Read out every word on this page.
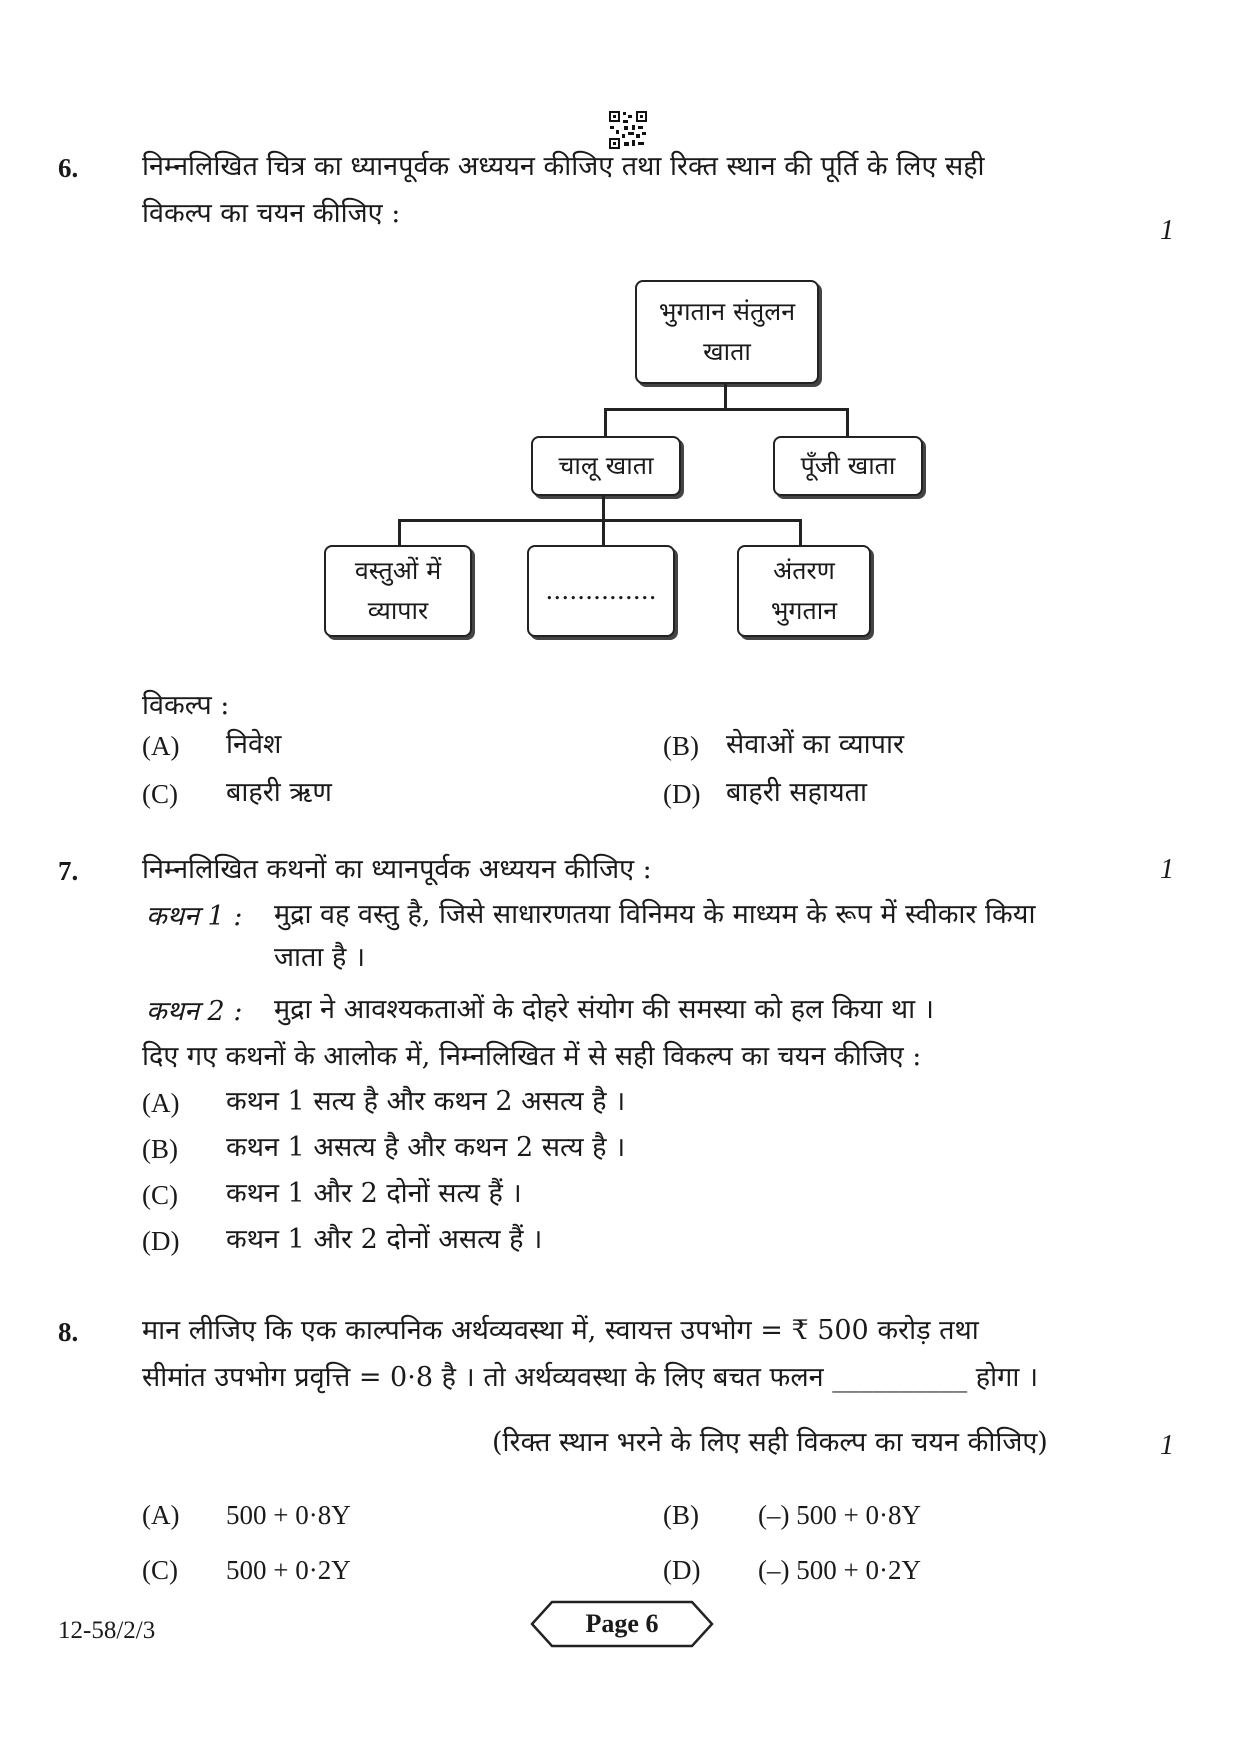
6. निम्नलिखित चित्र का ध्यानपूर्वक अध्ययन कीजिए तथा रिक्त स्थान की पूर्ति के लिए सही
विकल्प का चयन कीजिए :
1
भुगतान संतुलन खाता
चालू खाता	पूँजी खाता
वस्तुओं में व्यापार
..............
अंतरण भुगतान
विकल्प :
(A) निवेश	(B) सेवाओं का व्यापार
(C) बाहरी ऋण	(D) बाहरी सहायता
7. निम्नलिखित कथनों का ध्यानपूर्वक अध्ययन कीजिए :	1
कथन 1 : मुद्रा वह वस्तु है, जिसे साधारणतया विनिमय के माध्यम के रूप में स्वीकार किया
जाता है ।
कथन 2 : मुद्रा ने आवश्यकताओं के दोहरे संयोग की समस्या को हल किया था ।
दिए गए कथनों के आलोक में, निम्नलिखित में से सही विकल्प का चयन कीजिए :
(A) कथन 1 सत्य है और कथन 2 असत्य है ।
(B) कथन 1 असत्य है और कथन 2 सत्य है ।
(C) कथन 1 और 2 दोनों सत्य हैं ।
(D) कथन 1 और 2 दोनों असत्य हैं ।
8. मान लीजिए कि एक काल्पनिक अर्थव्यवस्था में, स्वायत्त उपभोग = ₹ 500 करोड़ तथा
सीमांत उपभोग प्रवृत्ति = 0·8 है । तो अर्थव्यवस्था के लिए बचत फलन __________ होगा ।
(रिक्त स्थान भरने के लिए सही विकल्प का चयन कीजिए)	1
(A) 500 + 0·8Y	(B) (–) 500 + 0·8Y
(C) 500 + 0·2Y	(D) (–) 500 + 0·2Y
12-58/2/3	Page 6
